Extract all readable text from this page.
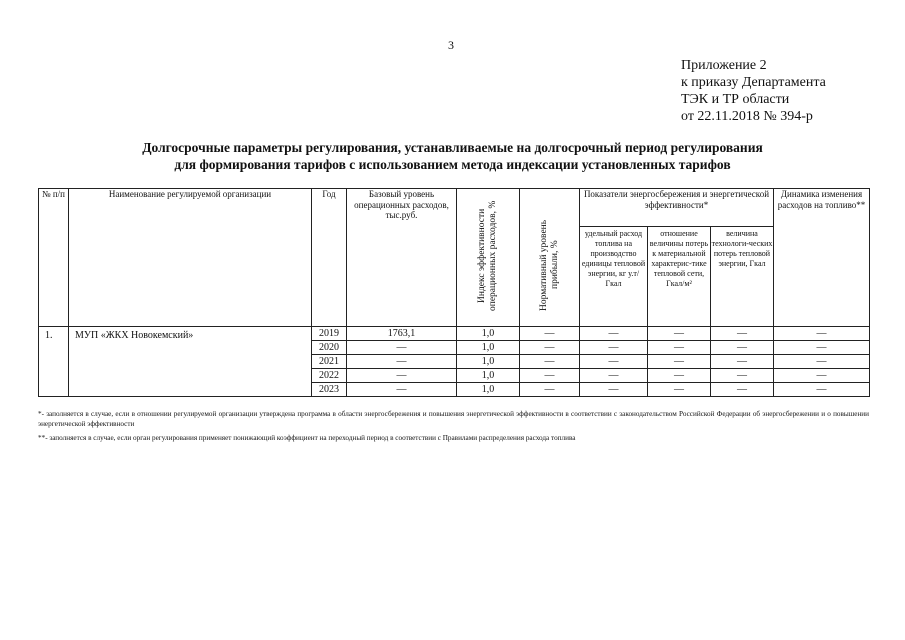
3
Приложение 2
к приказу Департамента
ТЭК и ТР области
от 22.11.2018 № 394-р
Долгосрочные параметры регулирования, устанавливаемые на долгосрочный период регулирования
для формирования тарифов с использованием метода индексации установленных тарифов
№ п/п	Наименование регулируемой организации	Год	Базовый уровень операционных расходов, тыс.руб.	Индекс эффективности операционных расходов, %	Нормативный уровень прибыли, %	Показатели энергосбережения и энергетической эффективности*			Динамика изменения расходов на топливо**
						удельный расход топлива на производство единицы тепловой энергии, кг у.т/Гкал	отношение величины потерь к материальной характерис-тике тепловой сети, Гкал/м²	величина технологи-ческих потерь тепловой энергии, Гкал	
1.	МУП «ЖКХ Новокемский»	2019	1763,1	1,0	—	—	—	—	—
		2020	—	1,0	—	—	—	—	—
		2021	—	1,0	—	—	—	—	—
		2022	—	1,0	—	—	—	—	—
		2023	—	1,0	—	—	—	—	—
*- заполняется в случае, если в отношении регулируемой организации утверждена программа в области энергосбережения и повышения энергетической эффективности в соответствии с законодательством Российской Федерации об энергосбережении и о повышении энергетической эффективности
**- заполняется в случае, если орган регулирования применяет понижающий коэффициент на переходный период в соответствии с Правилами распределения расхода топлива
